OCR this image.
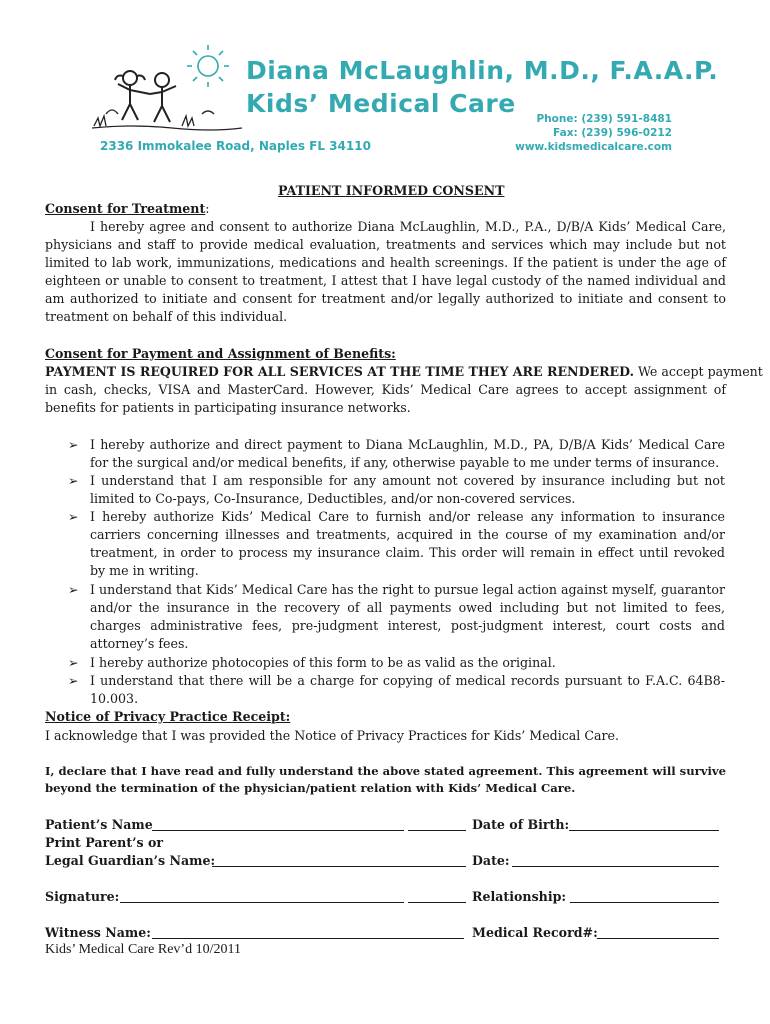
Diana McLaughlin, M.D., F.A.A.P.
Kids’ Medical Care
2336 Immokalee Road, Naples FL 34110
Phone: (239) 591-8481
Fax: (239) 596-0212
www.kidsmedicalcare.com
PATIENT INFORMED CONSENT
Consent for Treatment:
I hereby agree and consent to authorize Diana McLaughlin, M.D., P.A., D/B/A Kids’ Medical Care,
physicians and staff to provide medical evaluation, treatments and services which may include but not
limited to lab work, immunizations, medications and health screenings. If the patient is under the age of
eighteen or unable to consent to treatment, I attest that I have legal custody of the named individual and
am authorized to initiate and consent for treatment and/or legally authorized to initiate and consent to
treatment on behalf of this individual.
Consent for Payment and Assignment of Benefits:
PAYMENT IS REQUIRED FOR ALL SERVICES AT THE TIME THEY ARE RENDERED. We accept payment
in cash, checks, VISA and MasterCard. However, Kids’ Medical Care agrees to accept assignment of
benefits for patients in participating insurance networks.
➢ I hereby authorize and direct payment to Diana McLaughlin, M.D., PA, D/B/A Kids’ Medical Care
for the surgical and/or medical benefits, if any, otherwise payable to me under terms of insurance.
➢ I understand that I am responsible for any amount not covered by insurance including but not
limited to Co-pays, Co-Insurance, Deductibles, and/or non-covered services.
➢ I hereby authorize Kids’ Medical Care to furnish and/or release any information to insurance
carriers concerning illnesses and treatments, acquired in the course of my examination and/or
treatment, in order to process my insurance claim. This order will remain in effect until revoked
by me in writing.
➢ I understand that Kids’ Medical Care has the right to pursue legal action against myself, guarantor
and/or the insurance in the recovery of all payments owed including but not limited to fees,
charges administrative fees, pre-judgment interest, post-judgment interest, court costs and
attorney’s fees.
➢ I hereby authorize photocopies of this form to be as valid as the original.
➢ I understand that there will be a charge for copying of medical records pursuant to F.A.C. 64B8-
10.003.
Notice of Privacy Practice Receipt:
I acknowledge that I was provided the Notice of Privacy Practices for Kids’ Medical Care.
I, declare that I have read and fully understand the above stated agreement. This agreement will survive
beyond the termination of the physician/patient relation with Kids’ Medical Care.
Patient’s Name	Date of Birth:
Print Parent’s or
Legal Guardian’s Name:	Date:
Signature:	Relationship:
Witness Name:	Medical Record#:
Kids’ Medical Care Rev’d 10/2011
